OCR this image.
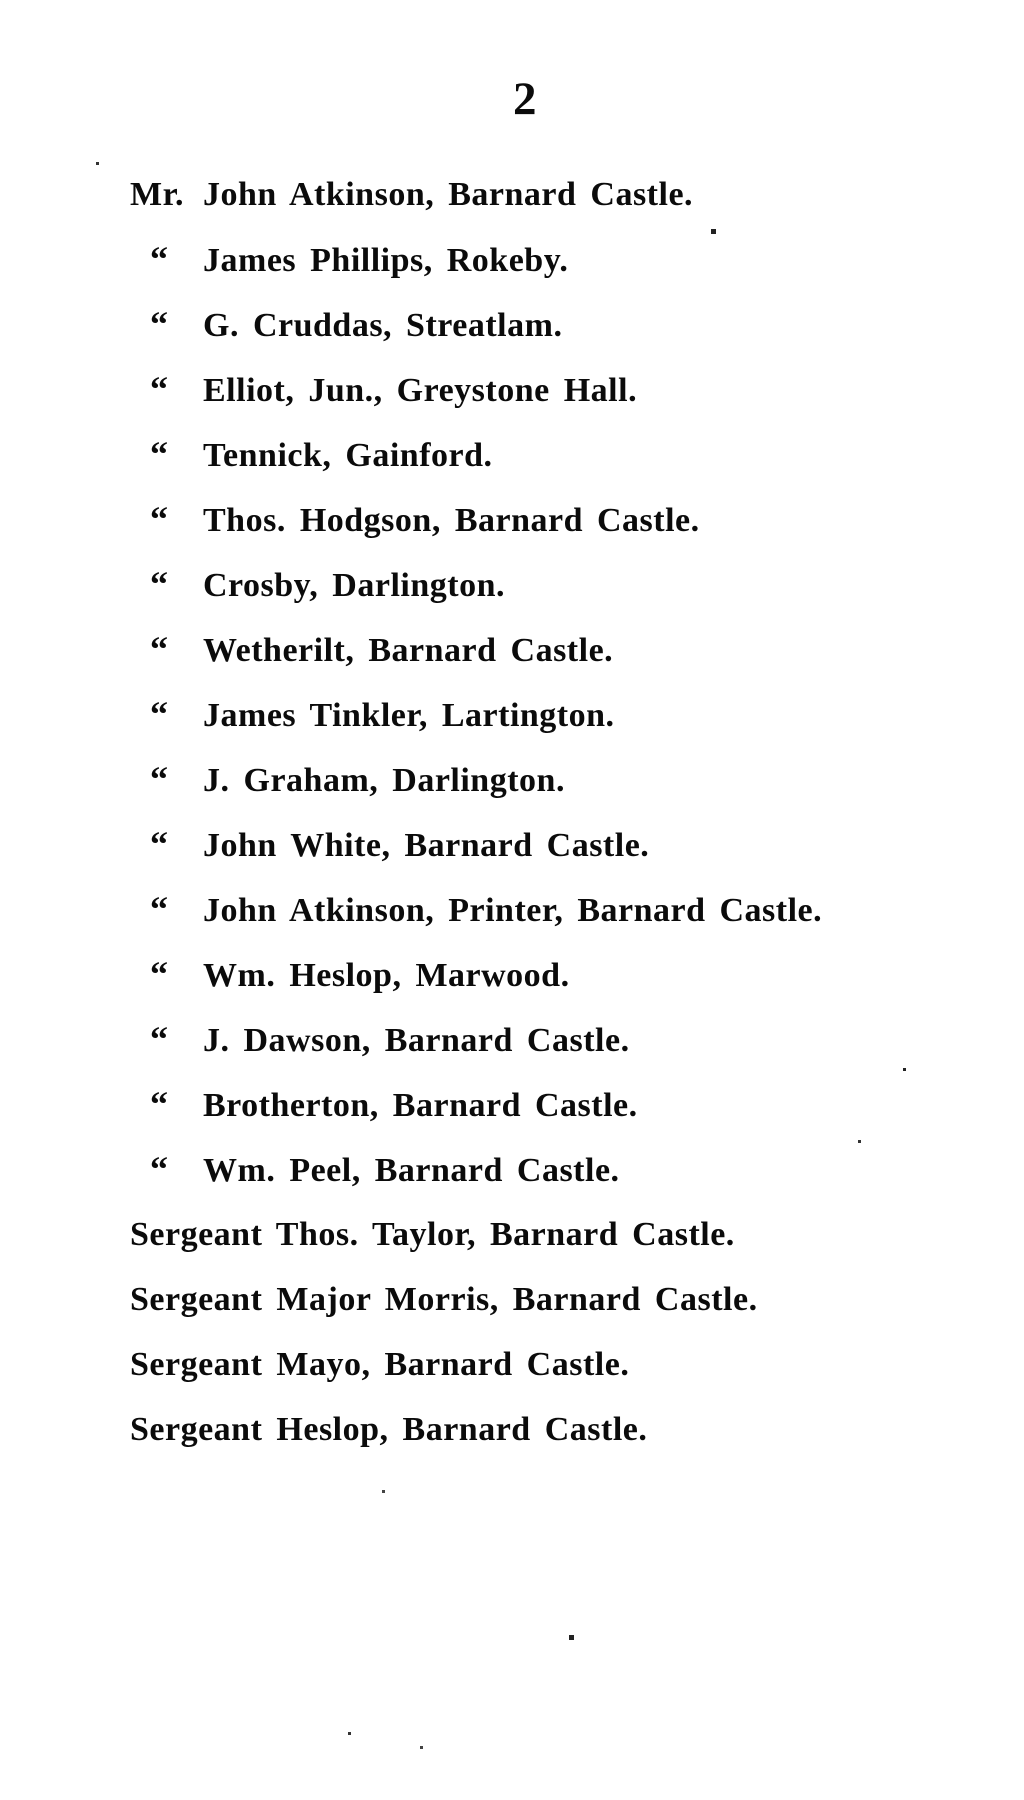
2
Mr. John Atkinson, Barnard Castle.
“ James Phillips, Rokeby.
“ G. Cruddas, Streatlam.
“ Elliot, Jun., Greystone Hall.
“ Tennick, Gainford.
“ Thos. Hodgson, Barnard Castle.
“ Crosby, Darlington.
“ Wetherilt, Barnard Castle.
“ James Tinkler, Lartington.
“ J. Graham, Darlington.
“ John White, Barnard Castle.
“ John Atkinson, Printer, Barnard Castle.
“ Wm. Heslop, Marwood.
“ J. Dawson, Barnard Castle.
“ Brotherton, Barnard Castle.
“ Wm. Peel, Barnard Castle.
Sergeant Thos. Taylor, Barnard Castle.
Sergeant Major Morris, Barnard Castle.
Sergeant Mayo, Barnard Castle.
Sergeant Heslop, Barnard Castle.
